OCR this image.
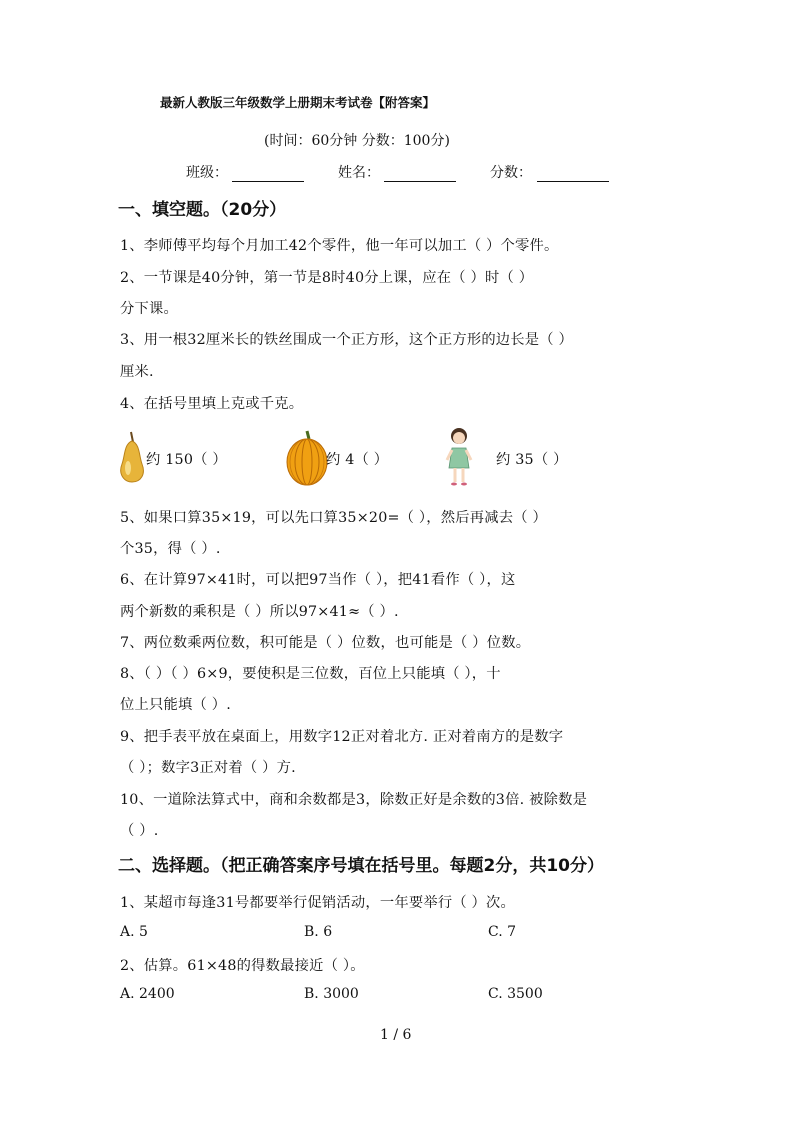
最新人教版三年级数学上册期末考试卷【附答案】
(时间：60分钟 分数：100分)
班级：	姓名：	分数：
一、填空题。（20分）
1、李师傅平均每个月加工42个零件，他一年可以加工（ ）个零件。
2、一节课是40分钟，第一节是8时40分上课，应在（ ）时（ ）
分下课。
3、用一根32厘米长的铁丝围成一个正方形，这个正方形的边长是（ ）
厘米.
4、在括号里填上克或千克。
约 150（ ）	约 4（ ）	约 35（ ）
5、如果口算35×19，可以先口算35×20=（ ），然后再减去（ ）
个35，得（ ）.
6、在计算97×41时，可以把97当作（ ），把41看作（ ），这
两个新数的乘积是（ ）所以97×41≈（ ）.
7、两位数乘两位数，积可能是（ ）位数，也可能是（ ）位数。
8、（ ）（ ）6×9，要使积是三位数，百位上只能填（ ），十
位上只能填（ ）.
9、把手表平放在桌面上，用数字12正对着北方. 正对着南方的是数字
（ ）；数字3正对着（ ）方.
10、一道除法算式中，商和余数都是3，除数正好是余数的3倍. 被除数是
（ ）.
二、选择题。（把正确答案序号填在括号里。每题2分，共10分）
1、某超市每逢31号都要举行促销活动，一年要举行（ ）次。
A. 5	B. 6	C. 7
2、估算。61×48的得数最接近（ ）。
A. 2400	B. 3000	C. 3500
1 / 6
